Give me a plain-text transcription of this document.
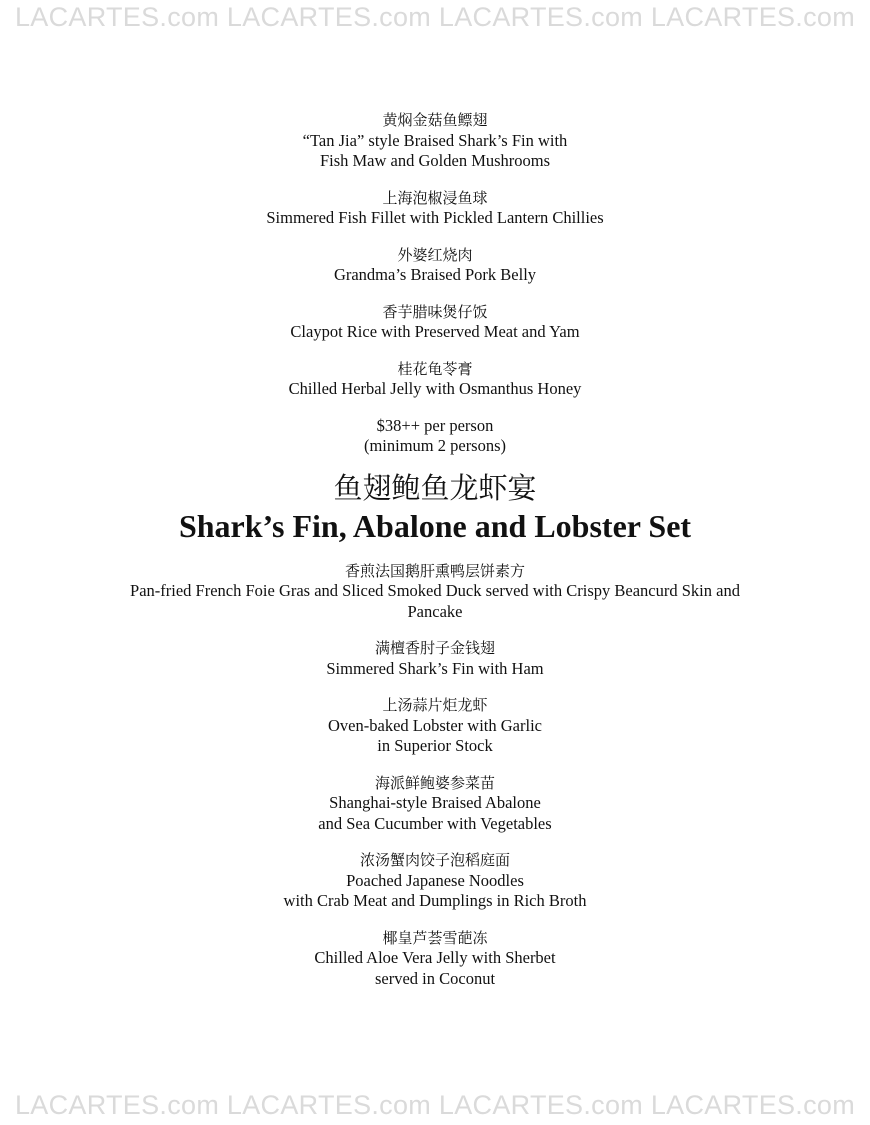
LACARTES.com LACARTES.com LACARTES.com LACARTES.com
黄焖金菇鱼鳔翅
“Tan Jia” style Braised Shark’s Fin with
Fish Maw and Golden Mushrooms
上海泡椒浸鱼球
Simmered Fish Fillet with Pickled Lantern Chillies
外婆红烧肉
Grandma’s Braised Pork Belly
香芋腊味煲仔饭
Claypot Rice with Preserved Meat and Yam
桂花龟苓膏
Chilled Herbal Jelly with Osmanthus Honey
$38++ per person
(minimum 2 persons)
鱼翅鲍鱼龙虾宴
Shark’s Fin, Abalone and Lobster Set
香煎法国鹅肝熏鸭层饼素方
Pan-fried French Foie Gras and Sliced Smoked Duck served with Crispy Beancurd Skin and Pancake
满檀香肘子金钱翅
Simmered Shark’s Fin with Ham
上汤蒜片炬龙虾
Oven-baked Lobster with Garlic
in Superior Stock
海派鲜鲍婆参菜苗
Shanghai-style Braised Abalone
and Sea Cucumber with Vegetables
浓汤蟹肉饺子泡稻庭面
Poached Japanese Noodles
with Crab Meat and Dumplings in Rich Broth
椰皇芦荟雪葩冻
Chilled Aloe Vera Jelly with Sherbet
served in Coconut
LACARTES.com LACARTES.com LACARTES.com LACARTES.com
